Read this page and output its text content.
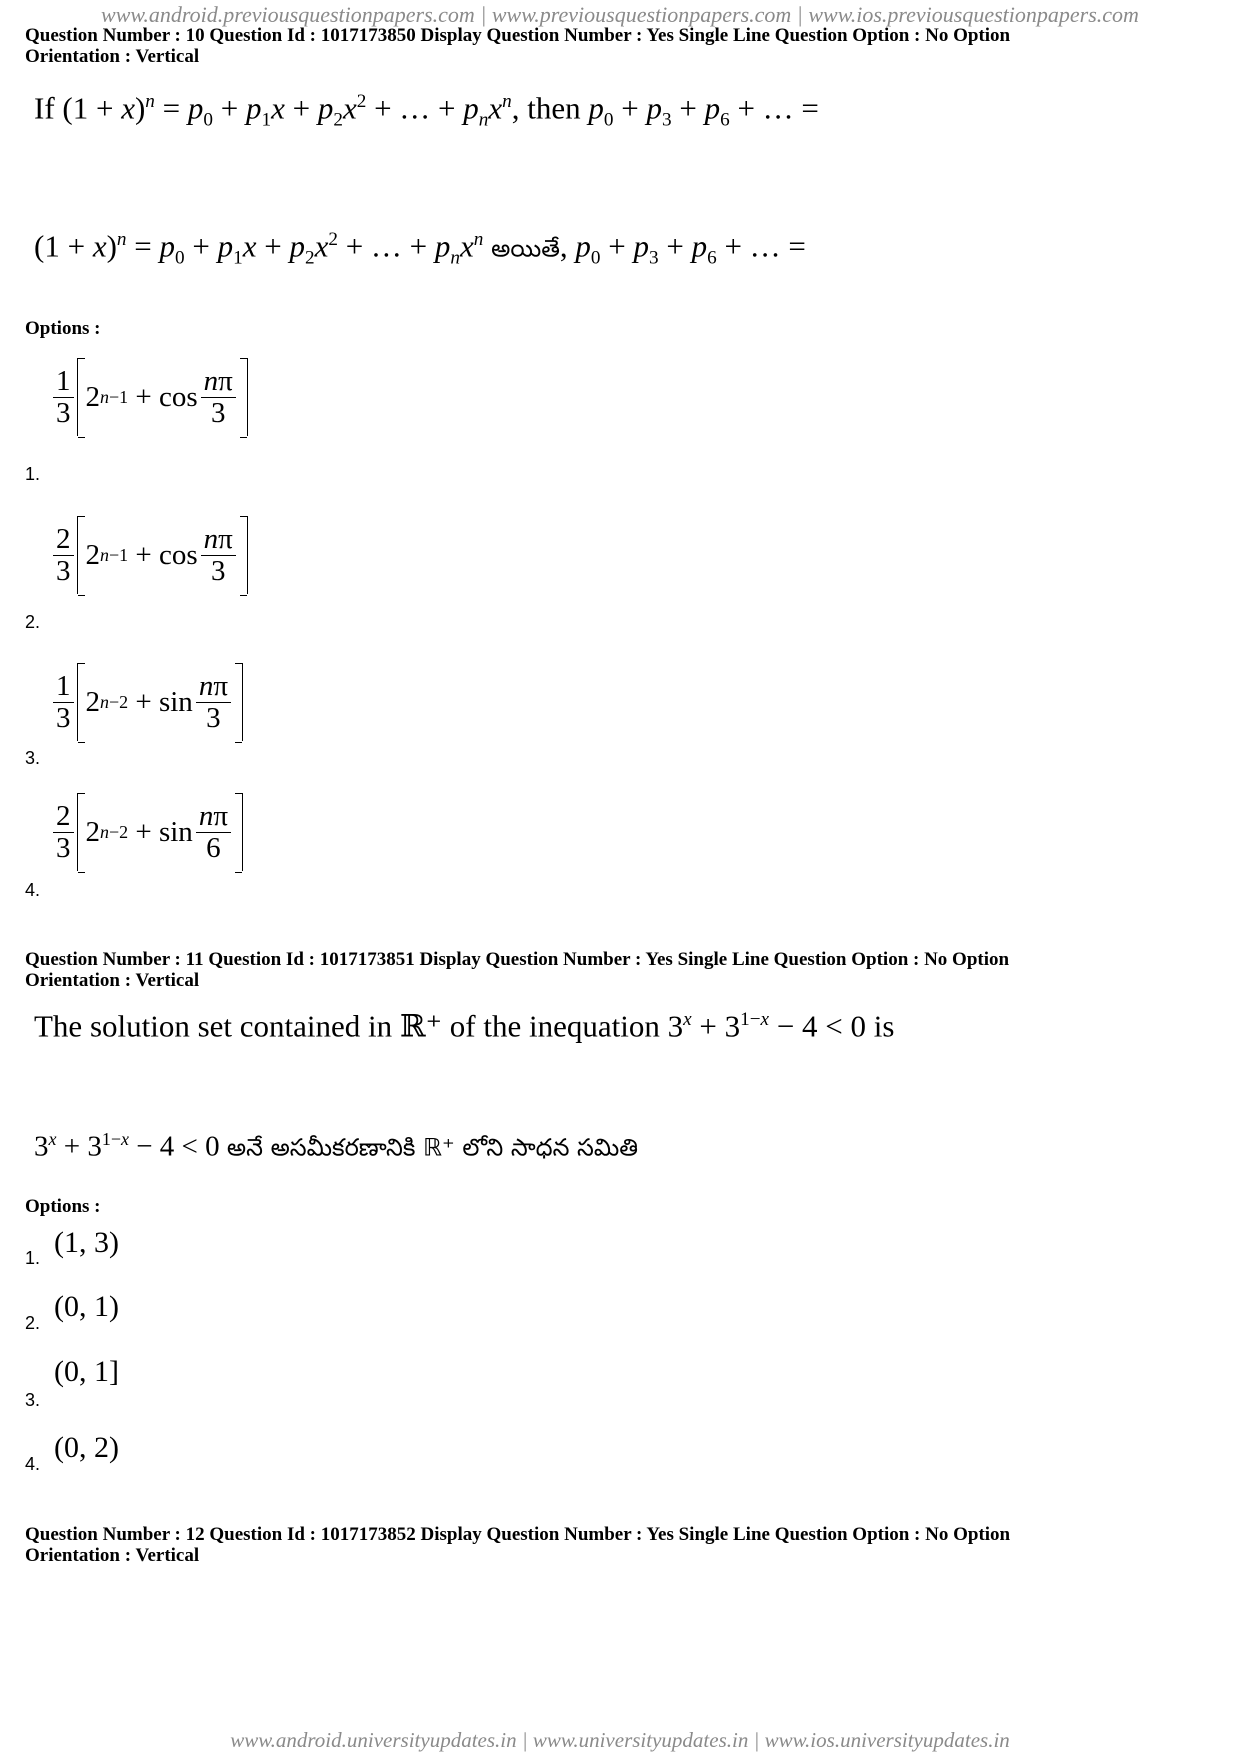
www.android.previousquestionpapers.com | www.previousquestionpapers.com | www.ios.previousquestionpapers.com
Question Number : 10 Question Id : 1017173850 Display Question Number : Yes Single Line Question Option : No Option
Orientation : Vertical
If $(1 + x)^n = p_0 + p_1x + p_2x^2$ + … + $p_nx^n$, then $p_0 + p_3 + p_6$ + … =
$(1 + x)^n = p_0 + p_1x + p_2x^2$ + … + $p_nx^n$ అయితే, $p_0 + p_3 + p_6$ + … =
Options :
$\frac{1}{3} 2$ $n-1 + \cos \frac{n\pi}{3}$
1.
$\frac{2}{3} 2$ $n-1 + \cos \frac{n\pi}{3}$
2.
$\frac{1}{3} 2$ $n-2 + \sin \frac{n\pi}{3}$
3.
$\frac{2}{3} 2$ $n-2 + \sin \frac{n\pi}{6}$
4.
Question Number : 11 Question Id : 1017173851 Display Question Number : Yes Single Line Question Option : No Option
Orientation : Vertical
The solution set contained in ℝ⁺ of the inequation $3^x + 3^{1-x} - 4 < 0$ is
$3^x + 3^{1-x} - 4 < 0$ అనే అసమీకరణానికి ℝ⁺ లోని సాధన సమితి
Options :
1. (1, 3)
2. (0, 1)
3.
(0, 1]
4. (0, 2)
Question Number : 12 Question Id : 1017173852 Display Question Number : Yes Single Line Question Option : No Option
Orientation : Vertical
www.android.universityupdates.in | www.universityupdates.in | www.ios.universityupdates.in
